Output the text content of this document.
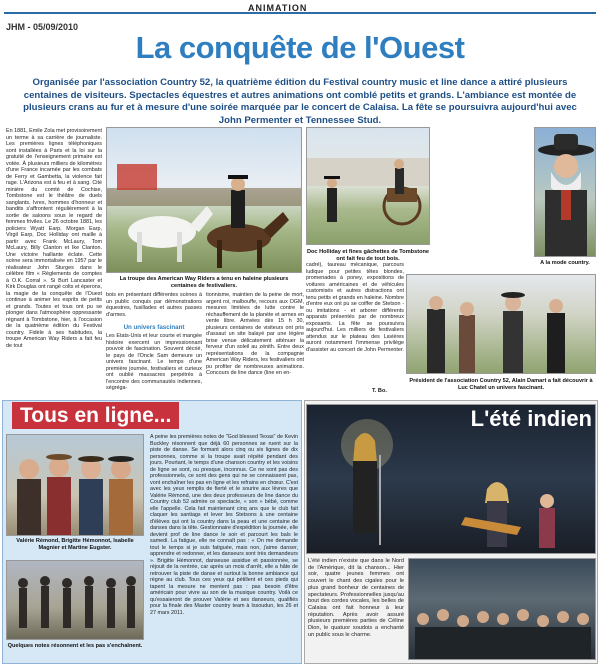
ANIMATION
JHM - 05/09/2010
La conquête de l'Ouest
Organisée par l'association Country 52, la quatrième édition du Festival country music et line dance a attiré plusieurs centaines de visiteurs. Spectacles équestres et autres animations ont comblé petits et grands. L'ambiance est montée de plusieurs crans au fur et à mesure d'une soirée marquée par le concert de Calaisa. La fête se poursuivra aujourd'hui avec John Permenter et Tennessee Stud.
En 1881, Emile Zola met provisoirement un terme à sa carrière de journaliste. Les premières lignes téléphoniques sont installées à Paris et la loi sur la gratuité de l'enseignement primaire est votée. À plusieurs milliers de kilomètres d'une France incarnée par les combats de Ferry et Gambetta, la violence fait rage. L'Arizona est à feu et à sang. Cité minière du comté de Cochise, Tombstone est le théâtre de duels sanglants. Ivres, hommes d'honneur et bandits s'affrontent régulièrement à la sortie de saloons sous le regard de femmes friviles. Le 26 octobre 1881, les policiers Wyatt Earp, Morgan Earp, Virgil Earp, Doc Holliday ont maille à partir avec Frank McLaury, Tom McLaury, Billy Clanton et Ike Clanton. Une victoire haillante éclate. Cette scène sera immortalisée en 1957 par le réalisateur John Sturges dans le célèbre film « Règlements de comptes à O.K. Corral ». Si Burt Lancaster et Kirk Douglas ont rangé colts et éperons, la magie de la conquête de l'Ouest continue à animer les esprits de petits et grands. Toutes et tous ont pu se plonger dans l'atmosphère oppressante régnant à Tombstone, hier, à l'occasion de la quatrième édition du Festival country. Fidèle à ses habitudes, la troupe American Way Riders a fait feu de tout
La troupe des American Way Riders a tenu en haleine plusieurs centaines de festivaliers.
Doc Holliday et fines gâchettes de Tombstone ont fait feu de tout bois.
A la mode country.
bois en présentant différentes scènes à un public conquis par démonstrations équestres, fusillades et autres passes d'armes.
Un univers fascinant
Les États-Unis et leur courte et mangée histoire exercent un impressionnant pouvoir de fascination. Souvent décrié, le pays de l'Oncle Sam demeure un univers fascinant. Le temps d'une première journée, festivaliers et curieux ont oublié massacres perpétrés à l'encontre des communautés indiennes, ségréga-
tionnisme, maintien de la peine de mort, argent roi, malbouffe, recours aux OGM, mesures limitées de lutte contre le réchauffement de la planète et armes en vente libre. Arrivées dès 15 h 30, plusieurs centaines de visiteurs ont pris d'assaut un site balayé par une légère brise venue délicatement atténuer la ferveur d'un soleil au zénith. Entre deux représentations de la compagnie American Way Riders, les festivaliers ont pu profiter de nombreuses animations. Concours de line dance (line en en-
cadré), taureau mécanique, parcours ludique pour petites têtes blondes, promenades à poney, expositions de voitures américaines et de véhicules customisés et autres distractions ont tenu petits et grands en haleine. Nombre d'entre eux ont pu se coiffer de Stetson - ou imitations - et arborer différents apparats présentés par de nombreux exposants. La fête se poursuivra aujourd'hui. Les milliers de festivaliers attendus sur le plateau des Lavières auront notamment l'immense privilège d'assister au concert de John Permenter.
T. Bo.
Président de l'association Country 52, Alain Damart a fait découvrir à Luc Chatel un univers fascinant.
Tous en ligne...
Valérie Rémond, Brigitte Hémonnot, Isabelle Magnier et Martine Eugster.
Quelques notes résonnent et les pas s'enchaînent.
A peine les premières notes de "God blessed Texas" de Kevin Buckley résonnent que déjà 60 personnes se ruent sur la piste de danse. Se formant alors cinq ou six lignes de dix personnes, comme si la troupe avait répété pendant des jours. Pourtant, le temps d'une chanson country et les voisins de ligne se sont, ou presque, inconnus. Ce ne sont pas des professionnels, ce sont des gens qui ne se connaissent pas, vont enchaîner les pas en ligne et les refrains en chœur. C'est avec les yeux remplis de fierté et le sourire aux lèvres que Valérie Rémond, une des deux professeurs de line dance du Country club 52 admire ce spectacle, « son » bébé, comme elle l'appelle. Cela fait maintenant cinq ans que le club fait claquer les santiags et lever les Stetsons à une centaine d'élèves qui ont la country dans la peau et une centaine de danses dans la tête. Gestionnaire d'expédition la journée, elle devient prof de line dance le soir et parcourt les bals le samedi. La fatigue, elle ne connaît pas : « On me demande tout le temps si je suis fatiguée, mais non, j'aime danser, apprendre et redonner, et les danseurs sont très demandeurs ». Brigitte Hémonnot, danseuse assidue et passionnée, se réjouit de la rentrée, car après un mois d'arrêt, elle a hâte de retrouver la piste de danse et surtout la bonne ambiance qui règne au club. Tous ces yeux qui pétillent et ces pieds qui tapent la mesure ne mentent pas : pas besoin d'être américain pour vivre au son de la musique country. Voilà ce qu'essaieront de prouver Valérie et ses danseurs, qualifiés pour la finale des Master country team à Issoudun, les 26 et 27 mars 2011.
L'été indien
L'été indien n'existe que dans le Nord de l'Amérique, dit la chanson... Hier soir, quatre jeunes femmes ont couvert le chant des cigales pour le plus grand bonheur de centaines de spectateurs. Professionnelles jusqu'au bout des cordes vocales, les belles de Calaisa ont fait honneur à leur réputation. Après avoir assuré plusieurs premières parties de Céline Dion, le quatuor soudois a enchanté un public sous le charme.
